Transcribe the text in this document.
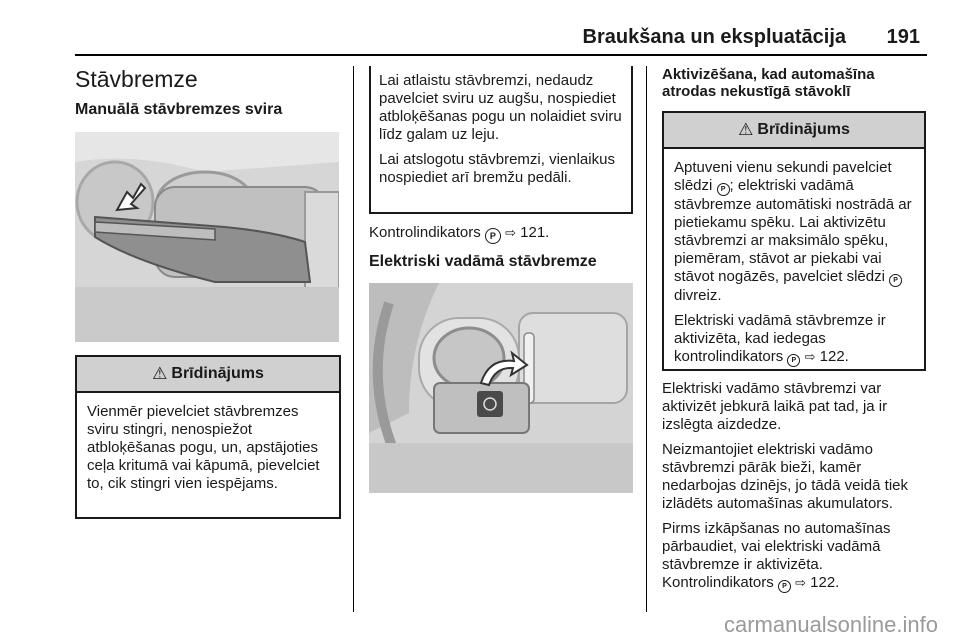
Braukšana un ekspluatācija 191
Stāvbremze
Manuālā stāvbremzes svira
⚠ Brīdinājums

Vienmēr pievelciet stāvbremzes sviru stingri, nenospiežot atbloķēšanas pogu, un, apstājoties ceļa kritumā vai kāpumā, pievelciet to, cik stingri vien iespējams.

Lai atlaistu stāvbremzi, nedaudz pavelciet sviru uz augšu, nospiediet atbloķēšanas pogu un nolaidiet sviru līdz galam uz leju.

Lai atslogotu stāvbremzi, vienlaikus nospiediet arī bremžu pedāli.

Kontrolindikators P ⇨ 121.

Elektriski vadāmā stāvbremze
Aktivizēšana, kad automašīna atrodas nekustīgā stāvoklī
⚠ Brīdinājums

Aptuveni vienu sekundi pavelciet slēdzi P ; elektriski vadāmā stāvbremze automātiski nostrādā ar pietiekamu spēku. Lai aktivizētu stāvbremzi ar maksimālo spēku, piemēram, stāvot ar piekabi vai stāvot nogāzēs, pavelciet slēdzi P divreiz.

Elektriski vadāmā stāvbremze ir aktivizēta, kad iedegas kontrolindikators P ⇨ 122.

Elektriski vadāmo stāvbremzi var aktivizēt jebkurā laikā pat tad, ja ir izslēgta aizdedze.

Neizmantojiet elektriski vadāmo stāvbremzi pārāk bieži, kamēr nedarbojas dzinējs, jo tādā veidā tiek izlādēts automašīnas akumulators.

Pirms izkāpšanas no automašīnas pārbaudiet, vai elektriski vadāmā stāvbremze ir aktivizēta. Kontrolindikators P ⇨ 122.

carmanualsonline.info
